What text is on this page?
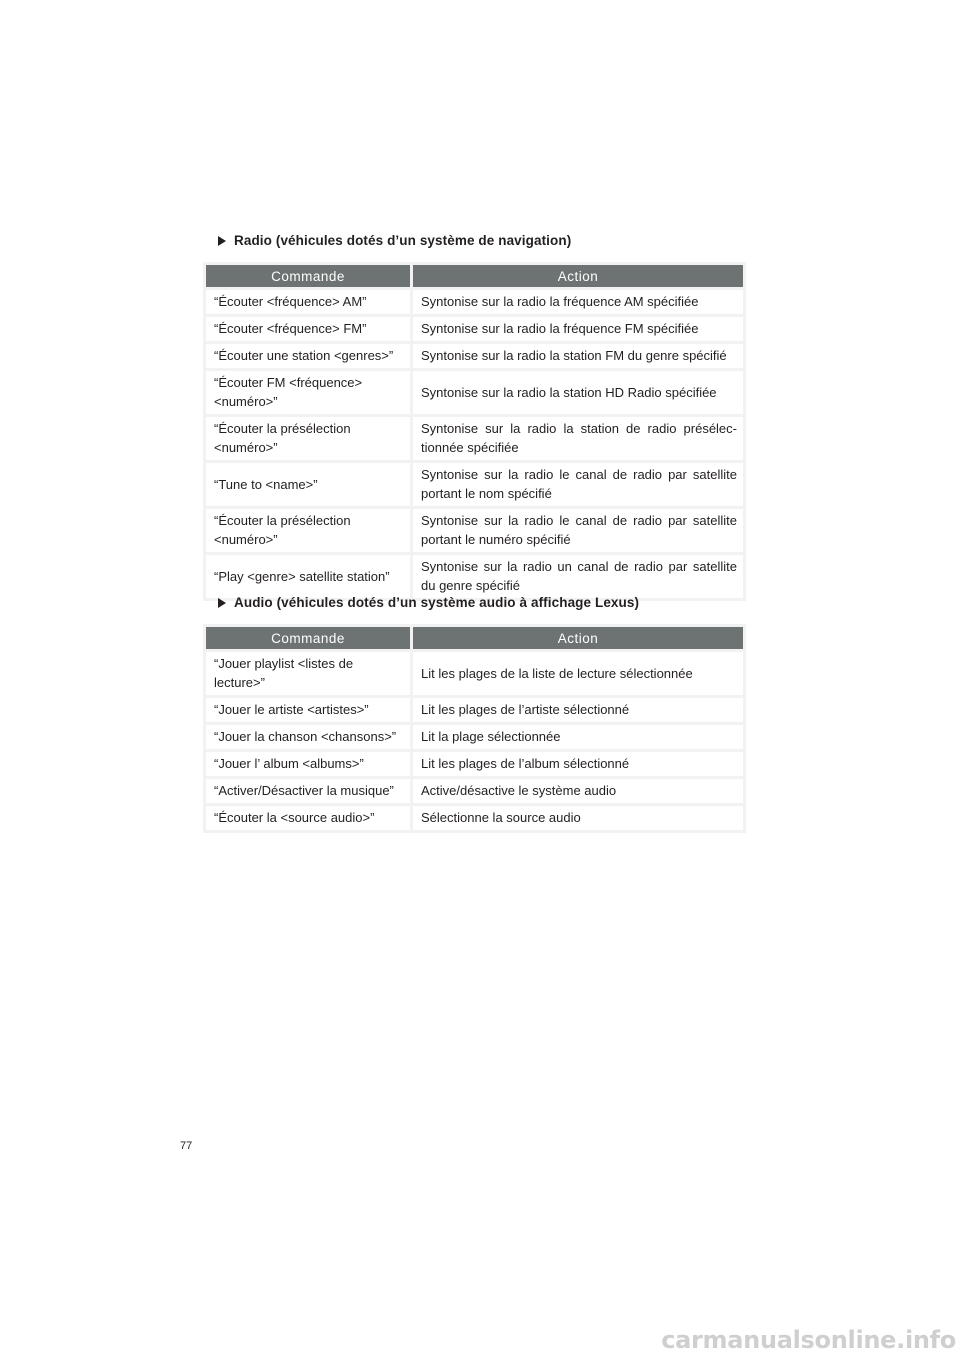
Radio (véhicules dotés d’un système de navigation)
Commande	Action
“Écouter <fréquence> AM”	Syntonise sur la radio la fréquence AM spécifiée
“Écouter <fréquence> FM”	Syntonise sur la radio la fréquence FM spécifiée
“Écouter une station <genres>”	Syntonise sur la radio la station FM du genre spécifié
“Écouter FM <fréquence> <numéro>”	Syntonise sur la radio la station HD Radio spécifiée
“Écouter la présélection <numéro>”	Syntonise sur la radio la station de radio présélec-tionnée spécifiée
“Tune to <name>”	Syntonise sur la radio le canal de radio par satellite portant le nom spécifié
“Écouter la présélection <numéro>”	Syntonise sur la radio le canal de radio par satellite portant le numéro spécifié
“Play <genre> satellite station”	Syntonise sur la radio un canal de radio par satellite du genre spécifié
Audio (véhicules dotés d’un système audio à affichage Lexus)
Commande	Action
“Jouer playlist <listes de lecture>”	Lit les plages de la liste de lecture sélectionnée
“Jouer le artiste <artistes>”	Lit les plages de l’artiste sélectionné
“Jouer la chanson <chansons>”	Lit la plage sélectionnée
“Jouer l’ album <albums>”	Lit les plages de l’album sélectionné
“Activer/Désactiver la musique”	Active/désactive le système audio
“Écouter la <source audio>”	Sélectionne la source audio
77
carmanualsonline.info
